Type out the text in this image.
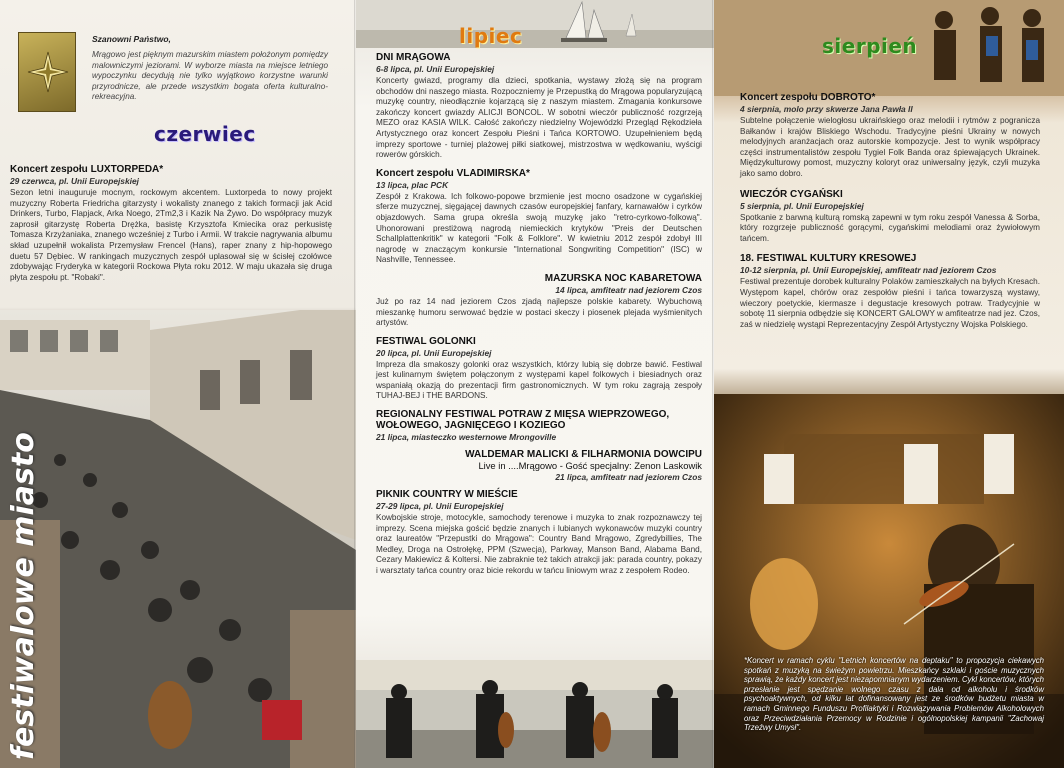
Szanowni Państwo,
Mrągowo jest pięknym mazurskim miastem położonym pomiędzy malowniczymi jeziorami. W wyborze miasta na miejsce letniego wypoczynku decydują nie tylko wyjątkowo korzystne warunki przyrodnicze, ale przede wszystkim bogata oferta kulturalno-rekreacyjna.
czerwiec
Koncert zespołu LUXTORPEDA*
29 czerwca, pl. Unii Europejskiej
Sezon letni inauguruje mocnym, rockowym akcentem. Luxtorpeda to nowy projekt muzyczny Roberta Friedricha gitarzysty i wokalisty znanego z takich formacji jak Acid Drinkers, Turbo, Flapjack, Arka Noego, 2Tm2,3 i Kazik Na Żywo. Do współpracy muzyk zaprosił gitarzystę Roberta Drężka, basistę Krzysztofa Kmiecika oraz perkusistę Tomasza Krzyżaniaka, znanego wcześniej z Turbo i Armii. W trakcie nagrywania albumu skład uzupełnił wokalista Przemysław Frencel (Hans), raper znany z hip-hopowego duetu 57 Dębiec. W rankingach muzycznych zespół uplasował się w ścisłej czołówce zdobywając Fryderyka w kategorii Rockowa Płyta roku 2012. W maju ukazała się druga płyta zespołu pt. "Robaki".
festiwalowe miasto
lipiec
DNI MRĄGOWA
6-8 lipca, pl. Unii Europejskiej
Koncerty gwiazd, programy dla dzieci, spotkania, wystawy złożą się na program obchodów dni naszego miasta. Rozpoczniemy je Przepustką do Mrągowa popularyzującą muzykę country, nieodłącznie kojarzącą się z naszym miastem. Zmagania konkursowe zakończy koncert gwiazdy ALICJI BONCOL. W sobotni wieczór publiczność rozgrzeją MEZO oraz KASIA WILK. Całość zakończy niedzielny Wojewódzki Przegląd Rękodzieła Artystycznego oraz koncert Zespołu Pieśni i Tańca KORTOWO. Uzupełnieniem będą imprezy sportowe - turniej plażowej piłki siatkowej, mistrzostwa w wędkowaniu, wyścigi rowerów górskich.
Koncert zespołu VLADIMIRSKA*
13 lipca, plac PCK
Zespół z Krakowa. Ich folkowo-popowe brzmienie jest mocno osadzone w cygańskiej sferze muzycznej, sięgającej dawnych czasów europejskiej fanfary, karnawałów i cyrków objazdowych. Sama grupa określa swoją muzykę jako "retro-cyrkowo-folkową". Uhonorowani prestiżową nagrodą niemieckich krytyków "Preis der Deutschen Schallplattenkritik" w kategorii "Folk & Folklore". W kwietniu 2012 zespół zdobył III nagrodę w znaczącym konkursie "International Songwriting Competition" (ISC) w Nashville, Tennessee.
MAZURSKA NOC KABARETOWA
14 lipca, amfiteatr nad jeziorem Czos
Już po raz 14 nad jeziorem Czos zjadą najlepsze polskie kabarety. Wybuchową mieszankę humoru serwować będzie w postaci skeczy i piosenek plejada wyśmienitych artystów.
FESTIWAL GOLONKI
20 lipca, pl. Unii Europejskiej
Impreza dla smakoszy golonki oraz wszystkich, którzy lubią się dobrze bawić. Festiwal jest kulinarnym świętem połączonym z występami kapel folkowych i biesiadnych oraz wspaniałą okazją do prezentacji firm gastronomicznych. W tym roku zagrają zespoły TUHAJ-BEJ i THE BARDONS.
REGIONALNY FESTIWAL POTRAW Z MIĘSA WIEPRZOWEGO, WOŁOWEGO, JAGNIĘCEGO I KOZIEGO
21 lipca, miasteczko westernowe Mrongoville
WALDEMAR MALICKI & FILHARMONIA DOWCIPU
Live in ....Mrągowo - Gość specjalny: Zenon Laskowik
21 lipca, amfiteatr nad jeziorem Czos
PIKNIK COUNTRY W MIEŚCIE
27-29 lipca, pl. Unii Europejskiej
Kowbojskie stroje, motocykle, samochody terenowe i muzyka to znak rozpoznawczy tej imprezy. Scena miejska gościć będzie znanych i lubianych wykonawców muzyki country oraz laureatów "Przepustki do Mrągowa": Country Band Mrągowo, Zgredybillies, The Medley, Droga na Ostrołękę, PPM (Szwecja), Parkway, Manson Band, Alabama Band, Cezary Makiewicz & Koltersi. Nie zabraknie też takich atrakcji jak: parada country, pokazy i warsztaty tańca country oraz bicie rekordu w tańcu liniowym wraz z zespołem Rodeo.
sierpień
Koncert zespołu DOBROTO*
4 sierpnia, molo przy skwerze Jana Pawła II
Subtelne połączenie wielogłosu ukraińskiego oraz melodii i rytmów z pogranicza Bałkanów i krajów Bliskiego Wschodu. Tradycyjne pieśni Ukrainy w nowych melodyjnych aranżacjach oraz autorskie kompozycje. Jest to wynik współpracy części instrumentalistów zespołu Tygiel Folk Banda oraz śpiewających Ukrainek. Międzykulturowy pomost, muzyczny koloryt oraz uniwersalny język, czyli muzyka jako samo dobro.
WIECZÓR CYGAŃSKI
5 sierpnia, pl. Unii Europejskiej
Spotkanie z barwną kulturą romską zapewni w tym roku zespół Vanessa & Sorba, który rozgrzeje publiczność gorącymi, cygańskimi melodiami oraz żywiołowym tańcem.
18. FESTIWAL KULTURY KRESOWEJ
10-12 sierpnia, pl. Unii Europejskiej, amfiteatr nad jeziorem Czos
Festiwal prezentuje dorobek kulturalny Polaków zamieszkałych na byłych Kresach. Występom kapel, chórów oraz zespołów pieśni i tańca towarzyszą wystawy, wieczory poetyckie, kiermasze i degustacje kresowych potraw. Tradycyjnie w sobotę 11 sierpnia odbędzie się KONCERT GALOWY w amfiteatrze nad jez. Czos, zaś w niedzielę wystąpi Reprezentacyjny Zespół Artystyczny Wojska Polskiego.
*Koncert w ramach cyklu "Letnich koncertów na deptaku" to propozycja ciekawych spotkań z muzyką na świeżym powietrzu. Mieszkańcy szklaki i goście muzycznych sprawią, że każdy koncert jest niezapomnianym wydarzeniem. Cykl koncertów, których przesłanie jest spędzanie wolnego czasu z dala od alkoholu i środków psychoaktywnych, od kilku lat dofinansowany jest ze środków budżetu miasta w ramach Gminnego Funduszu Profilaktyki i Rozwiązywania Problemów Alkoholowych oraz Przeciwdziałania Przemocy w Rodzinie i ogólnopolskiej kampanii "Zachowaj Trzeźwy Umysł".
